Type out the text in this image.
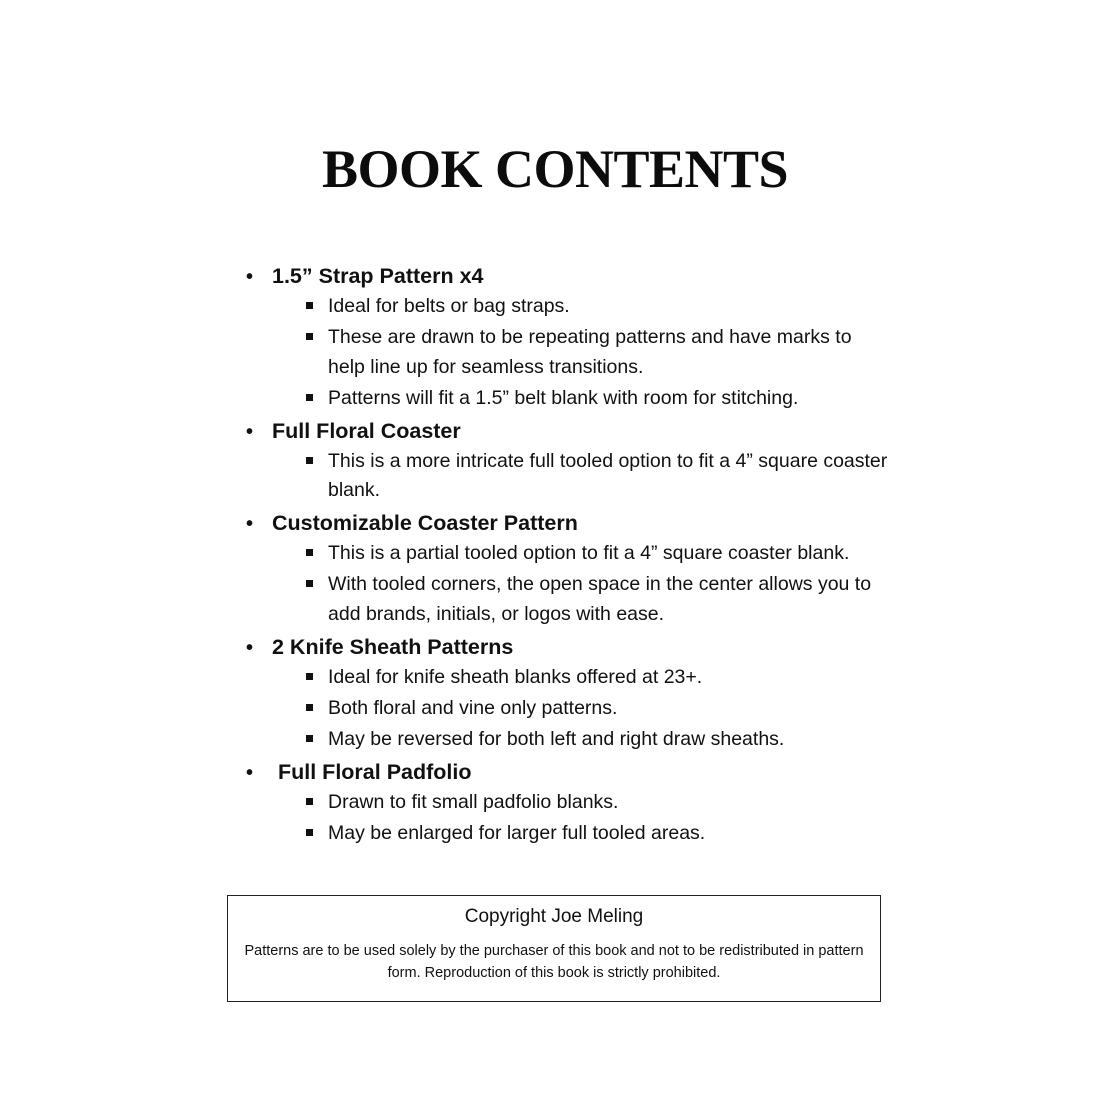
BOOK CONTENTS
• 1.5” Strap Pattern x4
Ideal for belts or bag straps.
These are drawn to be repeating patterns and have marks to help line up for seamless transitions.
Patterns will fit a 1.5” belt blank with room for stitching.
• Full Floral Coaster
This is a more intricate full tooled option to fit a 4” square coaster blank.
• Customizable Coaster Pattern
This is a partial tooled option to fit a 4” square coaster blank.
With tooled corners, the open space in the center allows you to add brands, initials, or logos with ease.
• 2 Knife Sheath Patterns
Ideal for knife sheath blanks offered at 23+.
Both floral and vine only patterns.
May be reversed for both left and right draw sheaths.
•	Full Floral Padfolio
Drawn to fit small padfolio blanks.
May be enlarged for larger full tooled areas.
Copyright Joe Meling
Patterns are to be used solely by the purchaser of this book and not to be redistributed in pattern form. Reproduction of this book is strictly prohibited.
